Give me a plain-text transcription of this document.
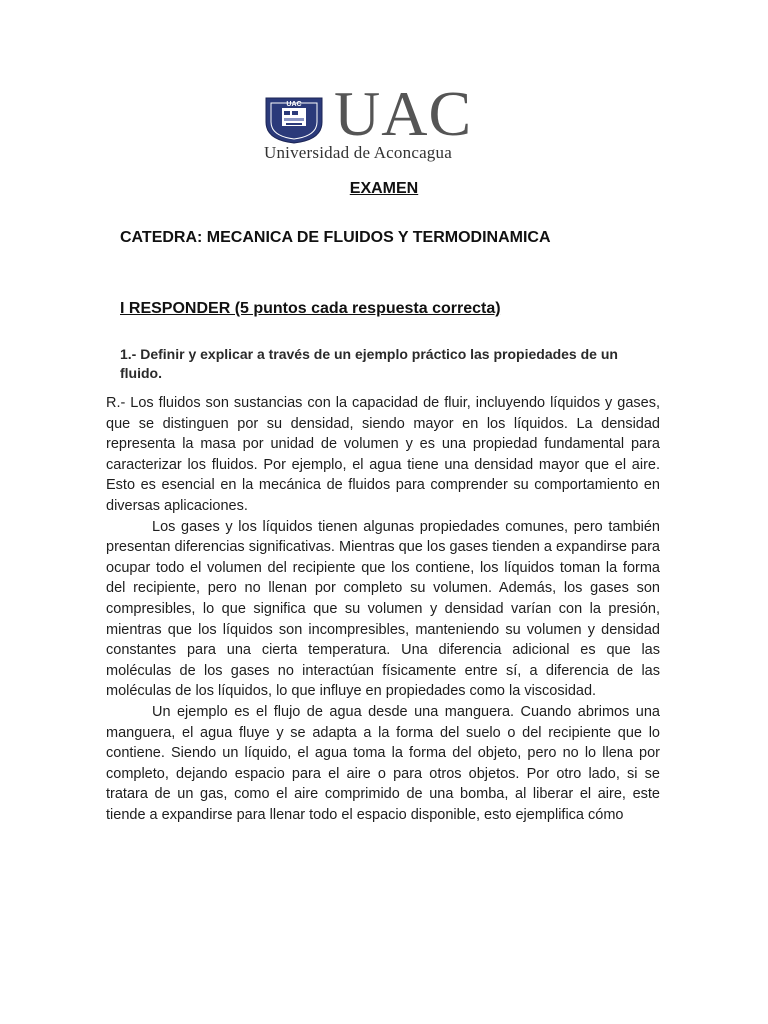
UAC UAC
Universidad de Aconcagua
EXAMEN
CATEDRA: MECANICA DE FLUIDOS Y TERMODINAMICA
I RESPONDER (5 puntos cada respuesta correcta)
1.- Definir y explicar a través de un ejemplo práctico las propiedades de un fluido.

R.- Los fluidos son sustancias con la capacidad de fluir, incluyendo líquidos y gases, que se distinguen por su densidad, siendo mayor en los líquidos. La densidad representa la masa por unidad de volumen y es una propiedad fundamental para caracterizar los fluidos. Por ejemplo, el agua tiene una densidad mayor que el aire. Esto es esencial en la mecánica de fluidos para comprender su comportamiento en diversas aplicaciones.

Los gases y los líquidos tienen algunas propiedades comunes, pero también presentan diferencias significativas. Mientras que los gases tienden a expandirse para ocupar todo el volumen del recipiente que los contiene, los líquidos toman la forma del recipiente, pero no llenan por completo su volumen. Además, los gases son compresibles, lo que significa que su volumen y densidad varían con la presión, mientras que los líquidos son incompresibles, manteniendo su volumen y densidad constantes para una cierta temperatura. Una diferencia adicional es que las moléculas de los gases no interactúan físicamente entre sí, a diferencia de las moléculas de los líquidos, lo que influye en propiedades como la viscosidad.

Un ejemplo es el flujo de agua desde una manguera. Cuando abrimos una manguera, el agua fluye y se adapta a la forma del suelo o del recipiente que lo contiene. Siendo un líquido, el agua toma la forma del objeto, pero no lo llena por completo, dejando espacio para el aire o para otros objetos. Por otro lado, si se tratara de un gas, como el aire comprimido de una bomba, al liberar el aire, este tiende a expandirse para llenar todo el espacio disponible, esto ejemplifica cómo
